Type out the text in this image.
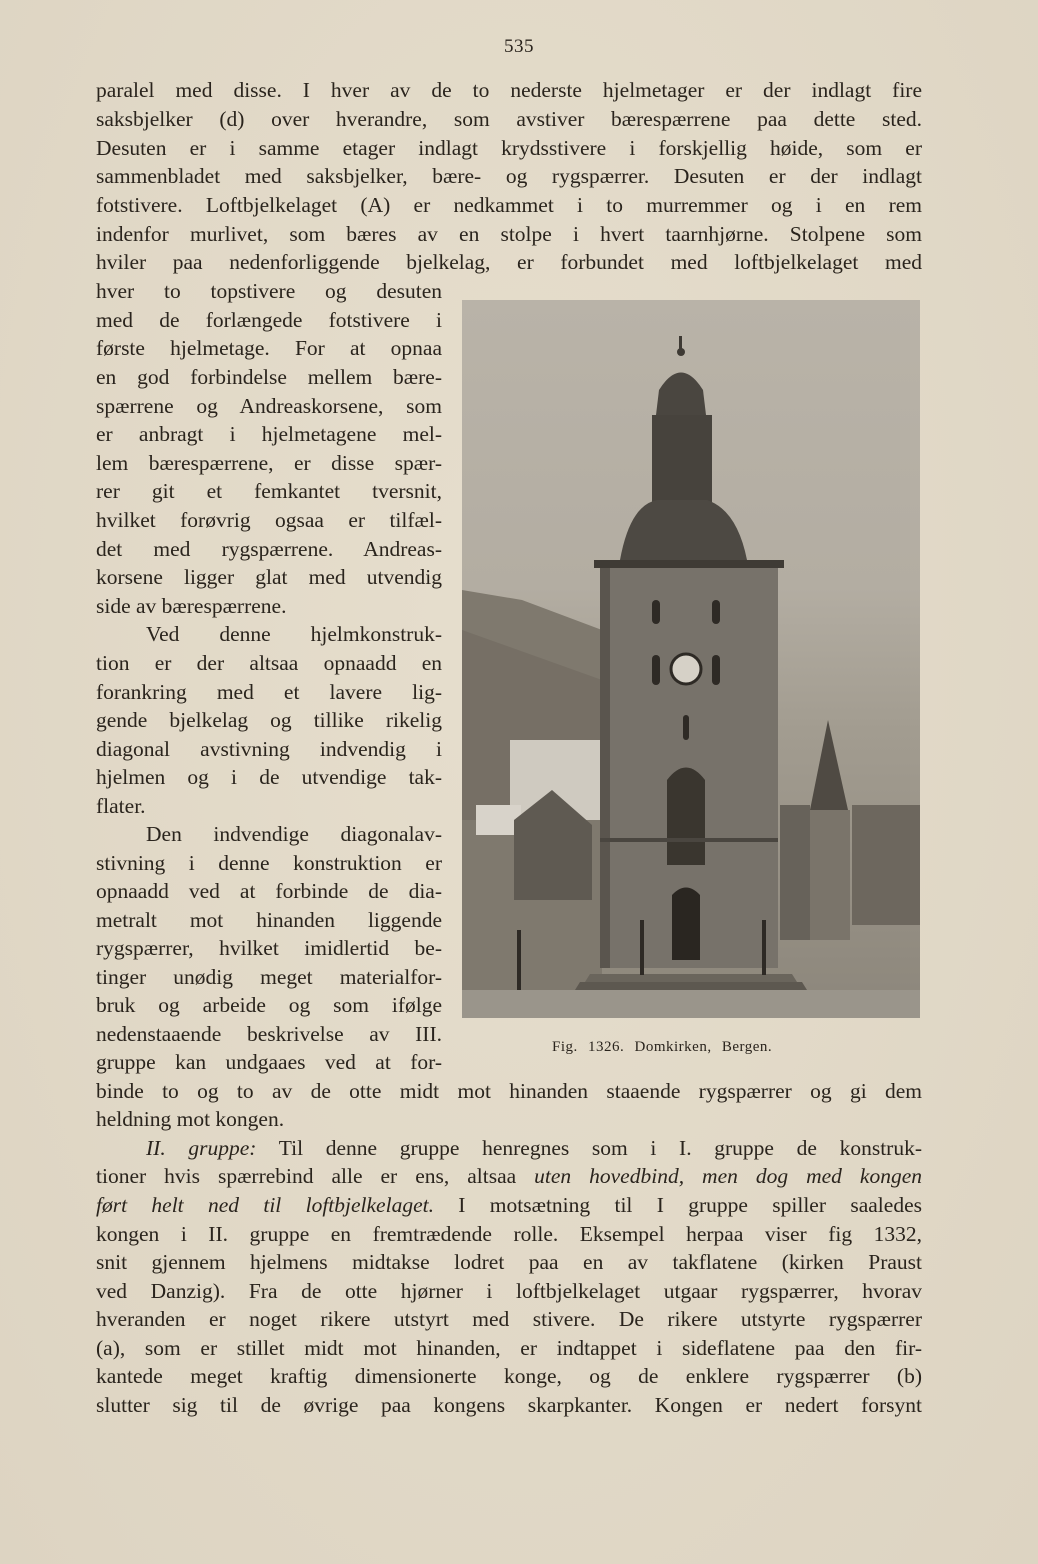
535
paralel med disse. I hver av de to nederste hjelmetager er der indlagt fire
saksbjelker (d) over hverandre, som avstiver bærespærrene paa dette sted.
Desuten er i samme etager indlagt krydsstivere i forskjellig høide, som er
sammenbladet med saksbjelker, bære- og rygspærrer. Desuten er der indlagt
fotstivere. Loftbjelkelaget (A) er nedkammet i to murremmer og i en rem
indenfor murlivet, som bæres av en stolpe i hvert taarnhjørne. Stolpene som
hviler paa nedenforliggende bjelkelag, er forbundet med loftbjelkelaget med
hver to topstivere og desuten
med de forlængede fotstivere i
første hjelmetage. For at opnaa
en god forbindelse mellem bære-
spærrene og Andreaskorsene, som
er anbragt i hjelmetagene mel-
lem bærespærrene, er disse spær-
rer git et femkantet tversnit,
hvilket forøvrig ogsaa er tilfæl-
det med rygspærrene. Andreas-
korsene ligger glat med utvendig
side av bærespærrene.
Ved denne hjelmkonstruk-
tion er der altsaa opnaadd en
forankring med et lavere lig-
gende bjelkelag og tillike rikelig
diagonal avstivning indvendig i
hjelmen og i de utvendige tak-
flater.
Den indvendige diagonalav-
stivning i denne konstruktion er
opnaadd ved at forbinde de dia-
metralt mot hinanden liggende
rygspærrer, hvilket imidlertid be-
tinger unødig meget materialfor-
bruk og arbeide og som ifølge
nedenstaaende beskrivelse av III.
gruppe kan undgaaes ved at for-
Fig. 1326. Domkirken, Bergen.
binde to og to av de otte midt mot hinanden staaende rygspærrer og gi dem
heldning mot kongen.
II. gruppe: Til denne gruppe henregnes som i I. gruppe de konstruk-
tioner hvis spærrebind alle er ens, altsaa uten hovedbind, men dog med kongen
ført helt ned til loftbjelkelaget. I motsætning til I gruppe spiller saaledes
kongen i II. gruppe en fremtrædende rolle. Eksempel herpaa viser fig 1332,
snit gjennem hjelmens midtakse lodret paa en av takflatene (kirken Praust
ved Danzig). Fra de otte hjørner i loftbjelkelaget utgaar rygspærrer, hvorav
hveranden er noget rikere utstyrt med stivere. De rikere utstyrte rygspærrer
(a), som er stillet midt mot hinanden, er indtappet i sideflatene paa den fir-
kantede meget kraftig dimensionerte konge, og de enklere rygspærrer (b)
slutter sig til de øvrige paa kongens skarpkanter. Kongen er nedert forsynt
